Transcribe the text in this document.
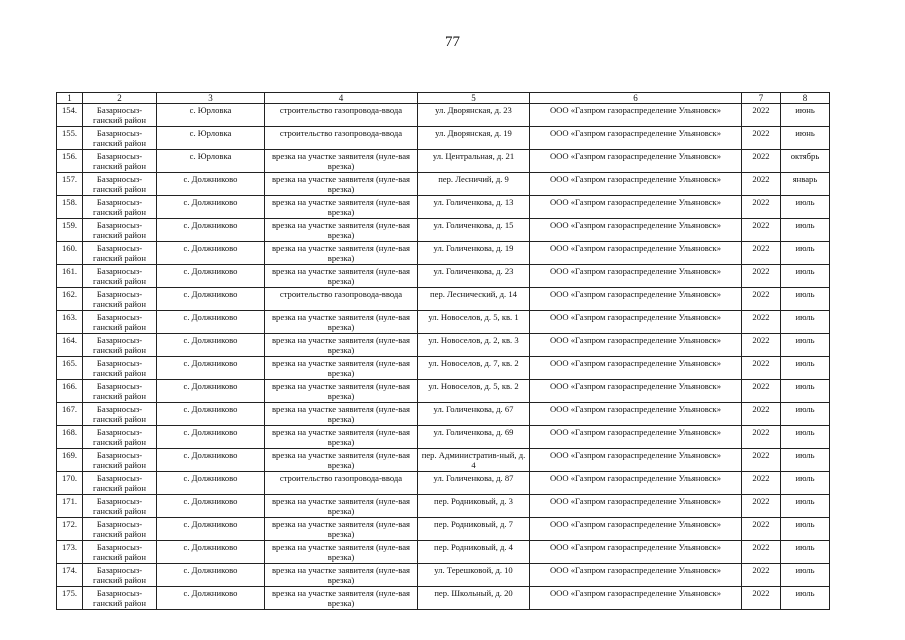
77
1	2	3	4	5	6	7	8
154.	Базарносыз-ганский район	с. Юрловка	строительство газопровода-ввода	ул. Дворянская, д. 23	ООО «Газпром газораспределение Ульяновск»	2022	июнь
155.	Базарносыз-ганский район	с. Юрловка	строительство газопровода-ввода	ул. Дворянская, д. 19	ООО «Газпром газораспределение Ульяновск»	2022	июнь
156.	Базарносыз-ганский район	с. Юрловка	врезка на участке заявителя (нуле-вая врезка)	ул. Центральная, д. 21	ООО «Газпром газораспределение Ульяновск»	2022	октябрь
157.	Базарносыз-ганский район	с. Должниково	врезка на участке заявителя (нуле-вая врезка)	пер. Лесничий, д. 9	ООО «Газпром газораспределение Ульяновск»	2022	январь
158.	Базарносыз-ганский район	с. Должниково	врезка на участке заявителя (нуле-вая врезка)	ул. Голиченкова, д. 13	ООО «Газпром газораспределение Ульяновск»	2022	июль
159.	Базарносыз-ганский район	с. Должниково	врезка на участке заявителя (нуле-вая врезка)	ул. Голиченкова, д. 15	ООО «Газпром газораспределение Ульяновск»	2022	июль
160.	Базарносыз-ганский район	с. Должниково	врезка на участке заявителя (нуле-вая врезка)	ул. Голиченкова, д. 19	ООО «Газпром газораспределение Ульяновск»	2022	июль
161.	Базарносыз-ганский район	с. Должниково	врезка на участке заявителя (нуле-вая врезка)	ул. Голиченкова, д. 23	ООО «Газпром газораспределение Ульяновск»	2022	июль
162.	Базарносыз-ганский район	с. Должниково	строительство газопровода-ввода	пер. Леснический, д. 14	ООО «Газпром газораспределение Ульяновск»	2022	июль
163.	Базарносыз-ганский район	с. Должниково	врезка на участке заявителя (нуле-вая врезка)	ул. Новоселов, д. 5, кв. 1	ООО «Газпром газораспределение Ульяновск»	2022	июль
164.	Базарносыз-ганский район	с. Должниково	врезка на участке заявителя (нуле-вая врезка)	ул. Новоселов, д. 2, кв. 3	ООО «Газпром газораспределение Ульяновск»	2022	июль
165.	Базарносыз-ганский район	с. Должниково	врезка на участке заявителя (нуле-вая врезка)	ул. Новоселов, д. 7, кв. 2	ООО «Газпром газораспределение Ульяновск»	2022	июль
166.	Базарносыз-ганский район	с. Должниково	врезка на участке заявителя (нуле-вая врезка)	ул. Новоселов, д. 5, кв. 2	ООО «Газпром газораспределение Ульяновск»	2022	июль
167.	Базарносыз-ганский район	с. Должниково	врезка на участке заявителя (нуле-вая врезка)	ул. Голиченкова, д. 67	ООО «Газпром газораспределение Ульяновск»	2022	июль
168.	Базарносыз-ганский район	с. Должниково	врезка на участке заявителя (нуле-вая врезка)	ул. Голиченкова, д. 69	ООО «Газпром газораспределение Ульяновск»	2022	июль
169.	Базарносыз-ганский район	с. Должниково	врезка на участке заявителя (нуле-вая врезка)	пер. Административ-ный, д. 4	ООО «Газпром газораспределение Ульяновск»	2022	июль
170.	Базарносыз-ганский район	с. Должниково	строительство газопровода-ввода	ул. Голиченкова, д. 87	ООО «Газпром газораспределение Ульяновск»	2022	июль
171.	Базарносыз-ганский район	с. Должниково	врезка на участке заявителя (нуле-вая врезка)	пер. Родниковый, д. 3	ООО «Газпром газораспределение Ульяновск»	2022	июль
172.	Базарносыз-ганский район	с. Должниково	врезка на участке заявителя (нуле-вая врезка)	пер. Родниковый, д. 7	ООО «Газпром газораспределение Ульяновск»	2022	июль
173.	Базарносыз-ганский район	с. Должниково	врезка на участке заявителя (нуле-вая врезка)	пер. Родниковый, д. 4	ООО «Газпром газораспределение Ульяновск»	2022	июль
174.	Базарносыз-ганский район	с. Должниково	врезка на участке заявителя (нуле-вая врезка)	ул. Терешковой, д. 10	ООО «Газпром газораспределение Ульяновск»	2022	июль
175.	Базарносыз-ганский район	с. Должниково	врезка на участке заявителя (нуле-вая врезка)	пер. Школьный, д. 20	ООО «Газпром газораспределение Ульяновск»	2022	июль
